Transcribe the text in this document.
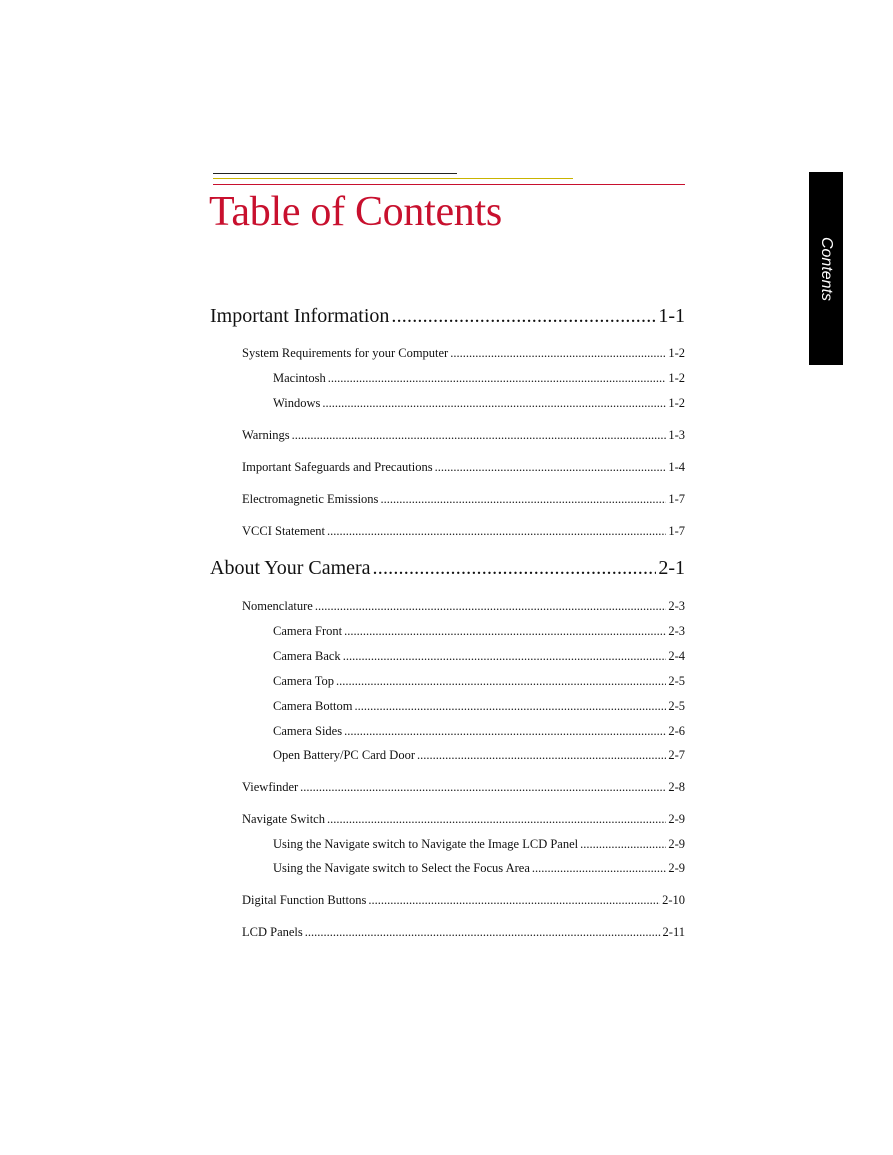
Table of Contents
Contents
Important Information .....	1-1
System Requirements for your Computer .....	1-2
Macintosh .....	1-2
Windows .....	1-2
Warnings .....	1-3
Important Safeguards and Precautions .....	1-4
Electromagnetic Emissions .....	1-7
VCCI Statement .....	1-7
About Your Camera .....	2-1
Nomenclature .....	2-3
Camera Front .....	2-3
Camera Back .....	2-4
Camera Top .....	2-5
Camera Bottom .....	2-5
Camera Sides .....	2-6
Open Battery/PC Card Door .....	2-7
Viewfinder .....	2-8
Navigate Switch .....	2-9
Using the Navigate switch to Navigate the Image LCD Panel .....	2-9
Using the Navigate switch to Select the Focus Area .....	2-9
Digital Function Buttons .....	2-10
LCD Panels .....	2-11
